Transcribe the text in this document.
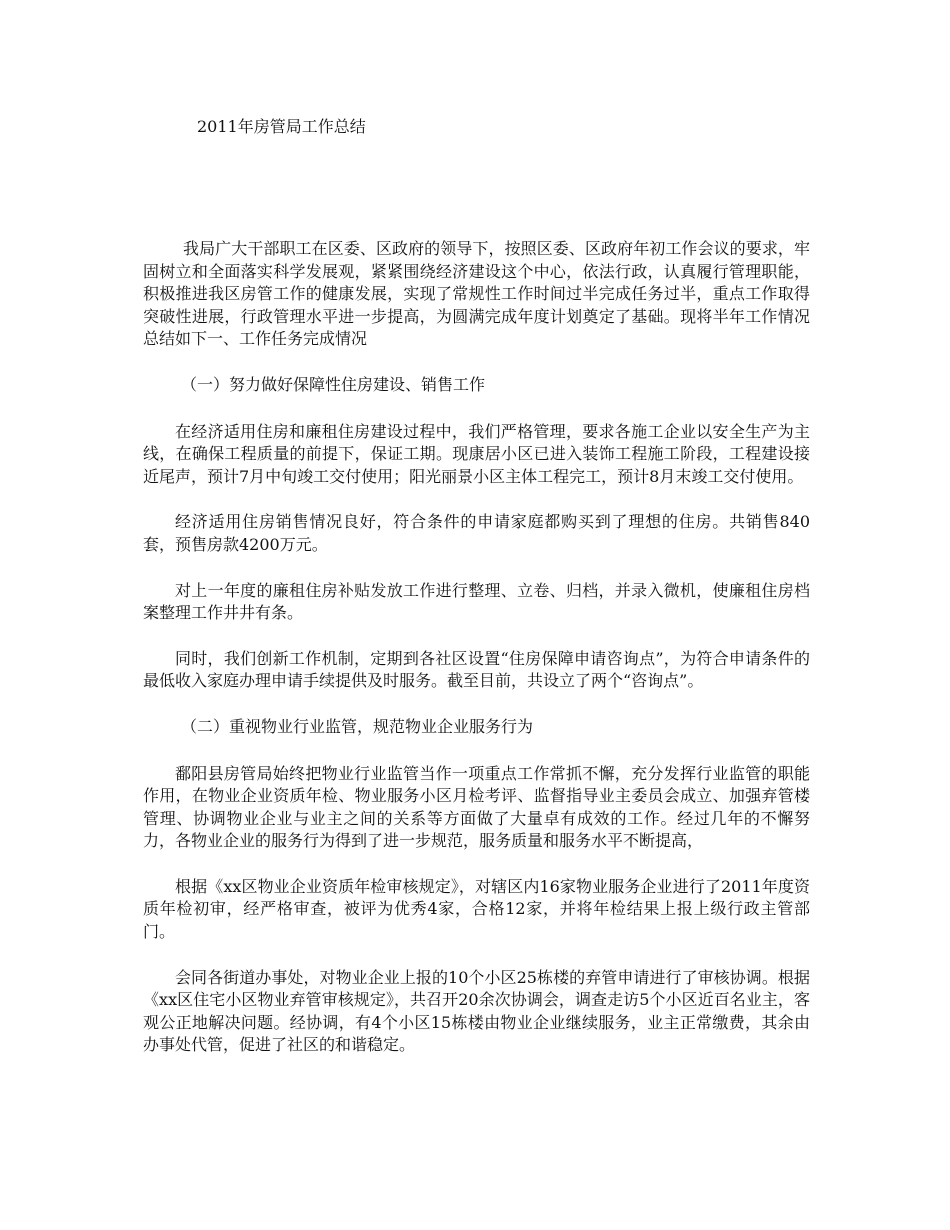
2011年房管局工作总结

我局广大干部职工在区委、区政府的领导下，按照区委、区政府年初工作会议的要求，牢固树立和全面落实科学发展观，紧紧围绕经济建设这个中心，依法行政，认真履行管理职能，积极推进我区房管工作的健康发展，实现了常规性工作时间过半完成任务过半，重点工作取得突破性进展，行政管理水平进一步提高，为圆满完成年度计划奠定了基础。现将半年工作情况总结如下一、工作任务完成情况

（一）努力做好保障性住房建设、销售工作

在经济适用住房和廉租住房建设过程中，我们严格管理，要求各施工企业以安全生产为主线，在确保工程质量的前提下，保证工期。现康居小区已进入装饰工程施工阶段，工程建设接近尾声，预计7月中旬竣工交付使用；阳光丽景小区主体工程完工，预计8月末竣工交付使用。

经济适用住房销售情况良好，符合条件的申请家庭都购买到了理想的住房。共销售840套，预售房款4200万元。

对上一年度的廉租住房补贴发放工作进行整理、立卷、归档，并录入微机，使廉租住房档案整理工作井井有条。

同时，我们创新工作机制，定期到各社区设置“住房保障申请咨询点”，为符合申请条件的最低收入家庭办理申请手续提供及时服务。截至目前，共设立了两个“咨询点”。

（二）重视物业行业监管，规范物业企业服务行为

鄱阳县房管局始终把物业行业监管当作一项重点工作常抓不懈，充分发挥行业监管的职能作用，在物业企业资质年检、物业服务小区月检考评、监督指导业主委员会成立、加强弃管楼管理、协调物业企业与业主之间的关系等方面做了大量卓有成效的工作。经过几年的不懈努力，各物业企业的服务行为得到了进一步规范，服务质量和服务水平不断提高，

根据《xx区物业企业资质年检审核规定》，对辖区内16家物业服务企业进行了2011年度资质年检初审，经严格审查，被评为优秀4家，合格12家，并将年检结果上报上级行政主管部门。

会同各街道办事处，对物业企业上报的10个小区25栋楼的弃管申请进行了审核协调。根据《xx区住宅小区物业弃管审核规定》，共召开20余次协调会，调查走访5个小区近百名业主，客观公正地解决问题。经协调，有4个小区15栋楼由物业企业继续服务，业主正常缴费，其余由办事处代管，促进了社区的和谐稳定。
